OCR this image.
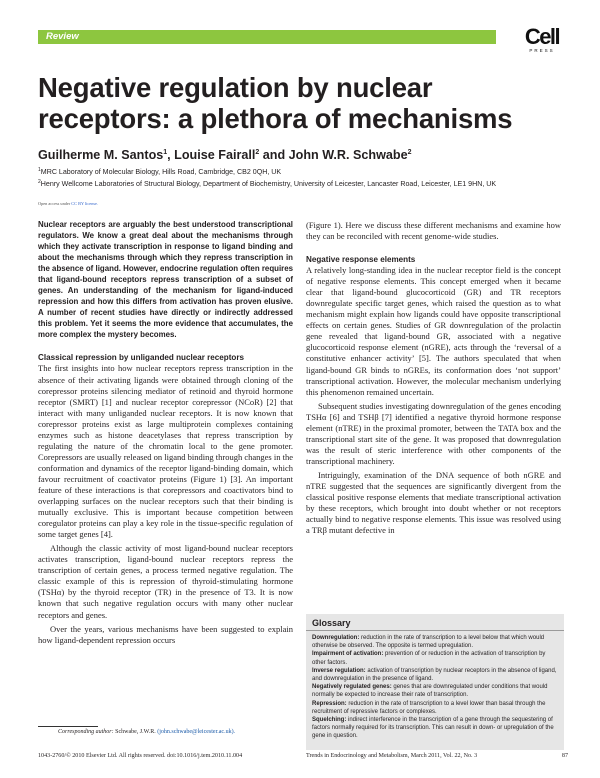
Review	Cell
PRESS
Negative regulation by nuclear receptors: a plethora of mechanisms
Guilherme M. Santos$^1$, Louise Fairall$^2$ and John W.R. Schwabe$^2$
$^1$MRC Laboratory of Molecular Biology, Hills Road, Cambridge, CB2 0QH, UK
$^2$Henry Wellcome Laboratories of Structural Biology, Department of Biochemistry, University of Leicester, Lancaster Road, Leicester, LE1 9HN, UK
Open access under CC BY license.

Nuclear receptors are arguably the best understood transcriptional regulators. We know a great deal about the mechanisms through which they activate transcription in response to ligand binding and about the mechanisms through which they repress transcription in the absence of ligand. However, endocrine regulation often requires that ligand-bound receptors repress transcription of a subset of genes. An understanding of the mechanism for ligand-induced repression and how this differs from activation has proven elusive. A number of recent studies have directly or indirectly addressed this problem. Yet it seems the more evidence that accumulates, the more complex the mystery becomes.

Classical repression by unliganded nuclear receptors

The first insights into how nuclear receptors repress transcription in the absence of their activating ligands were obtained through cloning of the corepressor proteins silencing mediator of retinoid and thyroid hormone receptor (SMRT) [1] and nuclear receptor corepressor (NCoR) [2] that interact with many unliganded nuclear receptors. It is now known that corepressor proteins exist as large multiprotein complexes containing enzymes such as histone deacetylases that repress transcription by regulating the nature of the chromatin local to the gene promoter. Corepressors are usually released on ligand binding through changes in the conformation and dynamics of the receptor ligand-binding domain, which favour recruitment of coactivator proteins (Figure 1) [3]. An important feature of these interactions is that corepressors and coactivators bind to overlapping surfaces on the nuclear receptors such that their binding is mutually exclusive. This is important because competition between coregulator proteins can play a key role in the tissue-specific regulation of some target genes [4].

Although the classic activity of most ligand-bound nuclear receptors activates transcription, ligand-bound nuclear receptors repress the transcription of certain genes, a process termed negative regulation. The classic example of this is repression of thyroid-stimulating hormone (TSHα) by the thyroid receptor (TR) in the presence of T3. It is now known that such negative regulation occurs with many other nuclear receptors and genes.

Over the years, various mechanisms have been suggested to explain how ligand-dependent repression occurs

(Figure 1). Here we discuss these different mechanisms and examine how they can be reconciled with recent genome-wide studies.

Negative response elements

A relatively long-standing idea in the nuclear receptor field is the concept of negative response elements. This concept emerged when it became clear that ligand-bound glucocorticoid (GR) and TR receptors downregulate specific target genes, which raised the question as to what mechanism might explain how ligands could have opposite transcriptional effects on certain genes. Studies of GR downregulation of the prolactin gene revealed that ligand-bound GR, associated with a negative glucocorticoid response element (nGRE), acts through the ‘reversal of a constitutive enhancer activity’ [5]. The authors speculated that when ligand-bound GR binds to nGREs, its conformation does ‘not support’ transcriptional activation. However, the molecular mechanism underlying this phenomenon remained uncertain.

Subsequent studies investigating downregulation of the genes encoding TSHα [6] and TSHβ [7] identified a negative thyroid hormone response element (nTRE) in the proximal promoter, between the TATA box and the transcriptional start site of the gene. It was proposed that downregulation was the result of steric interference with other components of the transcriptional machinery.

Intriguingly, examination of the DNA sequence of both nGRE and nTRE suggested that the sequences are significantly divergent from the classical positive response elements that mediate transcriptional activation by these receptors, which brought into doubt whether or not receptors actually bind to negative response elements. This issue was resolved using a TRβ mutant defective in

Glossary
Downregulation: reduction in the rate of transcription to a level below that which would otherwise be observed. The opposite is termed upregulation.
Impairment of activation: prevention of or reduction in the activation of transcription by other factors.
Inverse regulation: activation of transcription by nuclear receptors in the absence of ligand, and downregulation in the presence of ligand.
Negatively regulated genes: genes that are downregulated under conditions that would normally be expected to increase their rate of transcription.
Repression: reduction in the rate of transcription to a level lower than basal through the recruitment of repressive factors or complexes.
Squelching: indirect interference in the transcription of a gene through the sequestering of factors normally required for its transcription. This can result in down- or upregulation of the gene in question.
Corresponding author: Schwabe, J.W.R. (john.schwabe@leicester.ac.uk).
1043-2760/© 2010 Elsevier Ltd. All rights reserved. doi:10.1016/j.tem.2010.11.004	Trends in Endocrinology and Metabolism, March 2011, Vol. 22, No. 3	87
